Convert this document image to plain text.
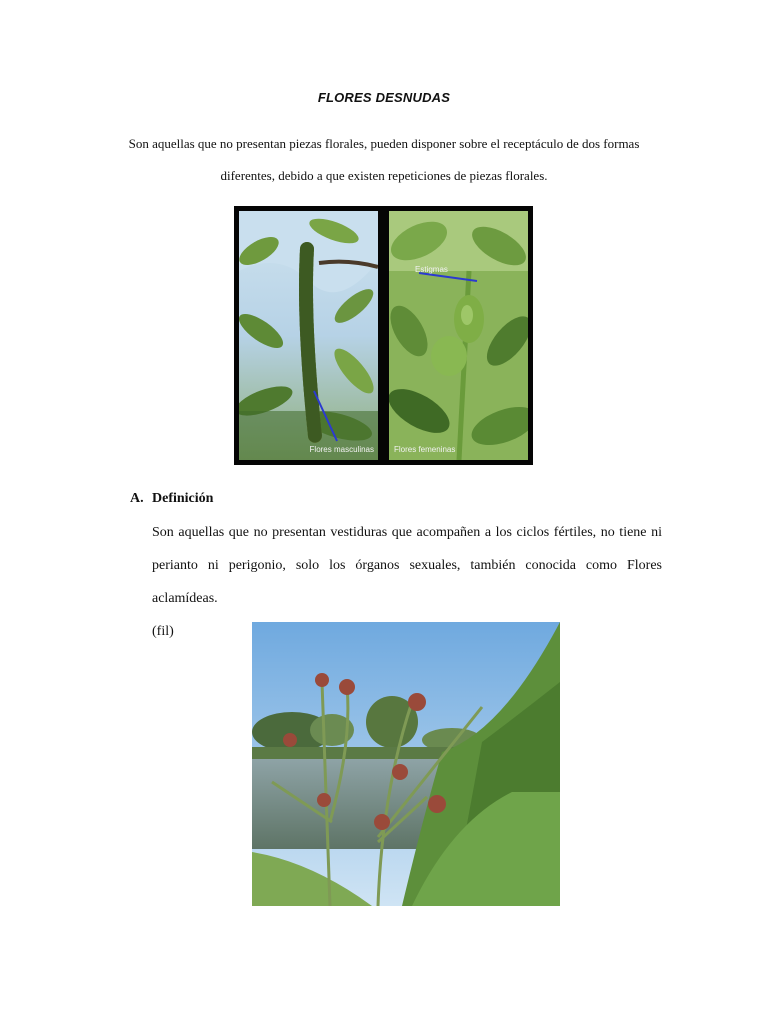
FLORES DESNUDAS
Son aquellas que no presentan piezas florales, pueden disponer sobre el receptáculo de dos formas
diferentes, debido a que existen repeticiones de piezas florales.
Flores masculinas
Estigmas
Flores femeninas
A. Definición
Son aquellas que no presentan vestiduras que acompañen a los ciclos fértiles, no tiene ni
perianto ni perigonio, solo los órganos sexuales, también conocida como Flores aclamídeas.
(fil)
